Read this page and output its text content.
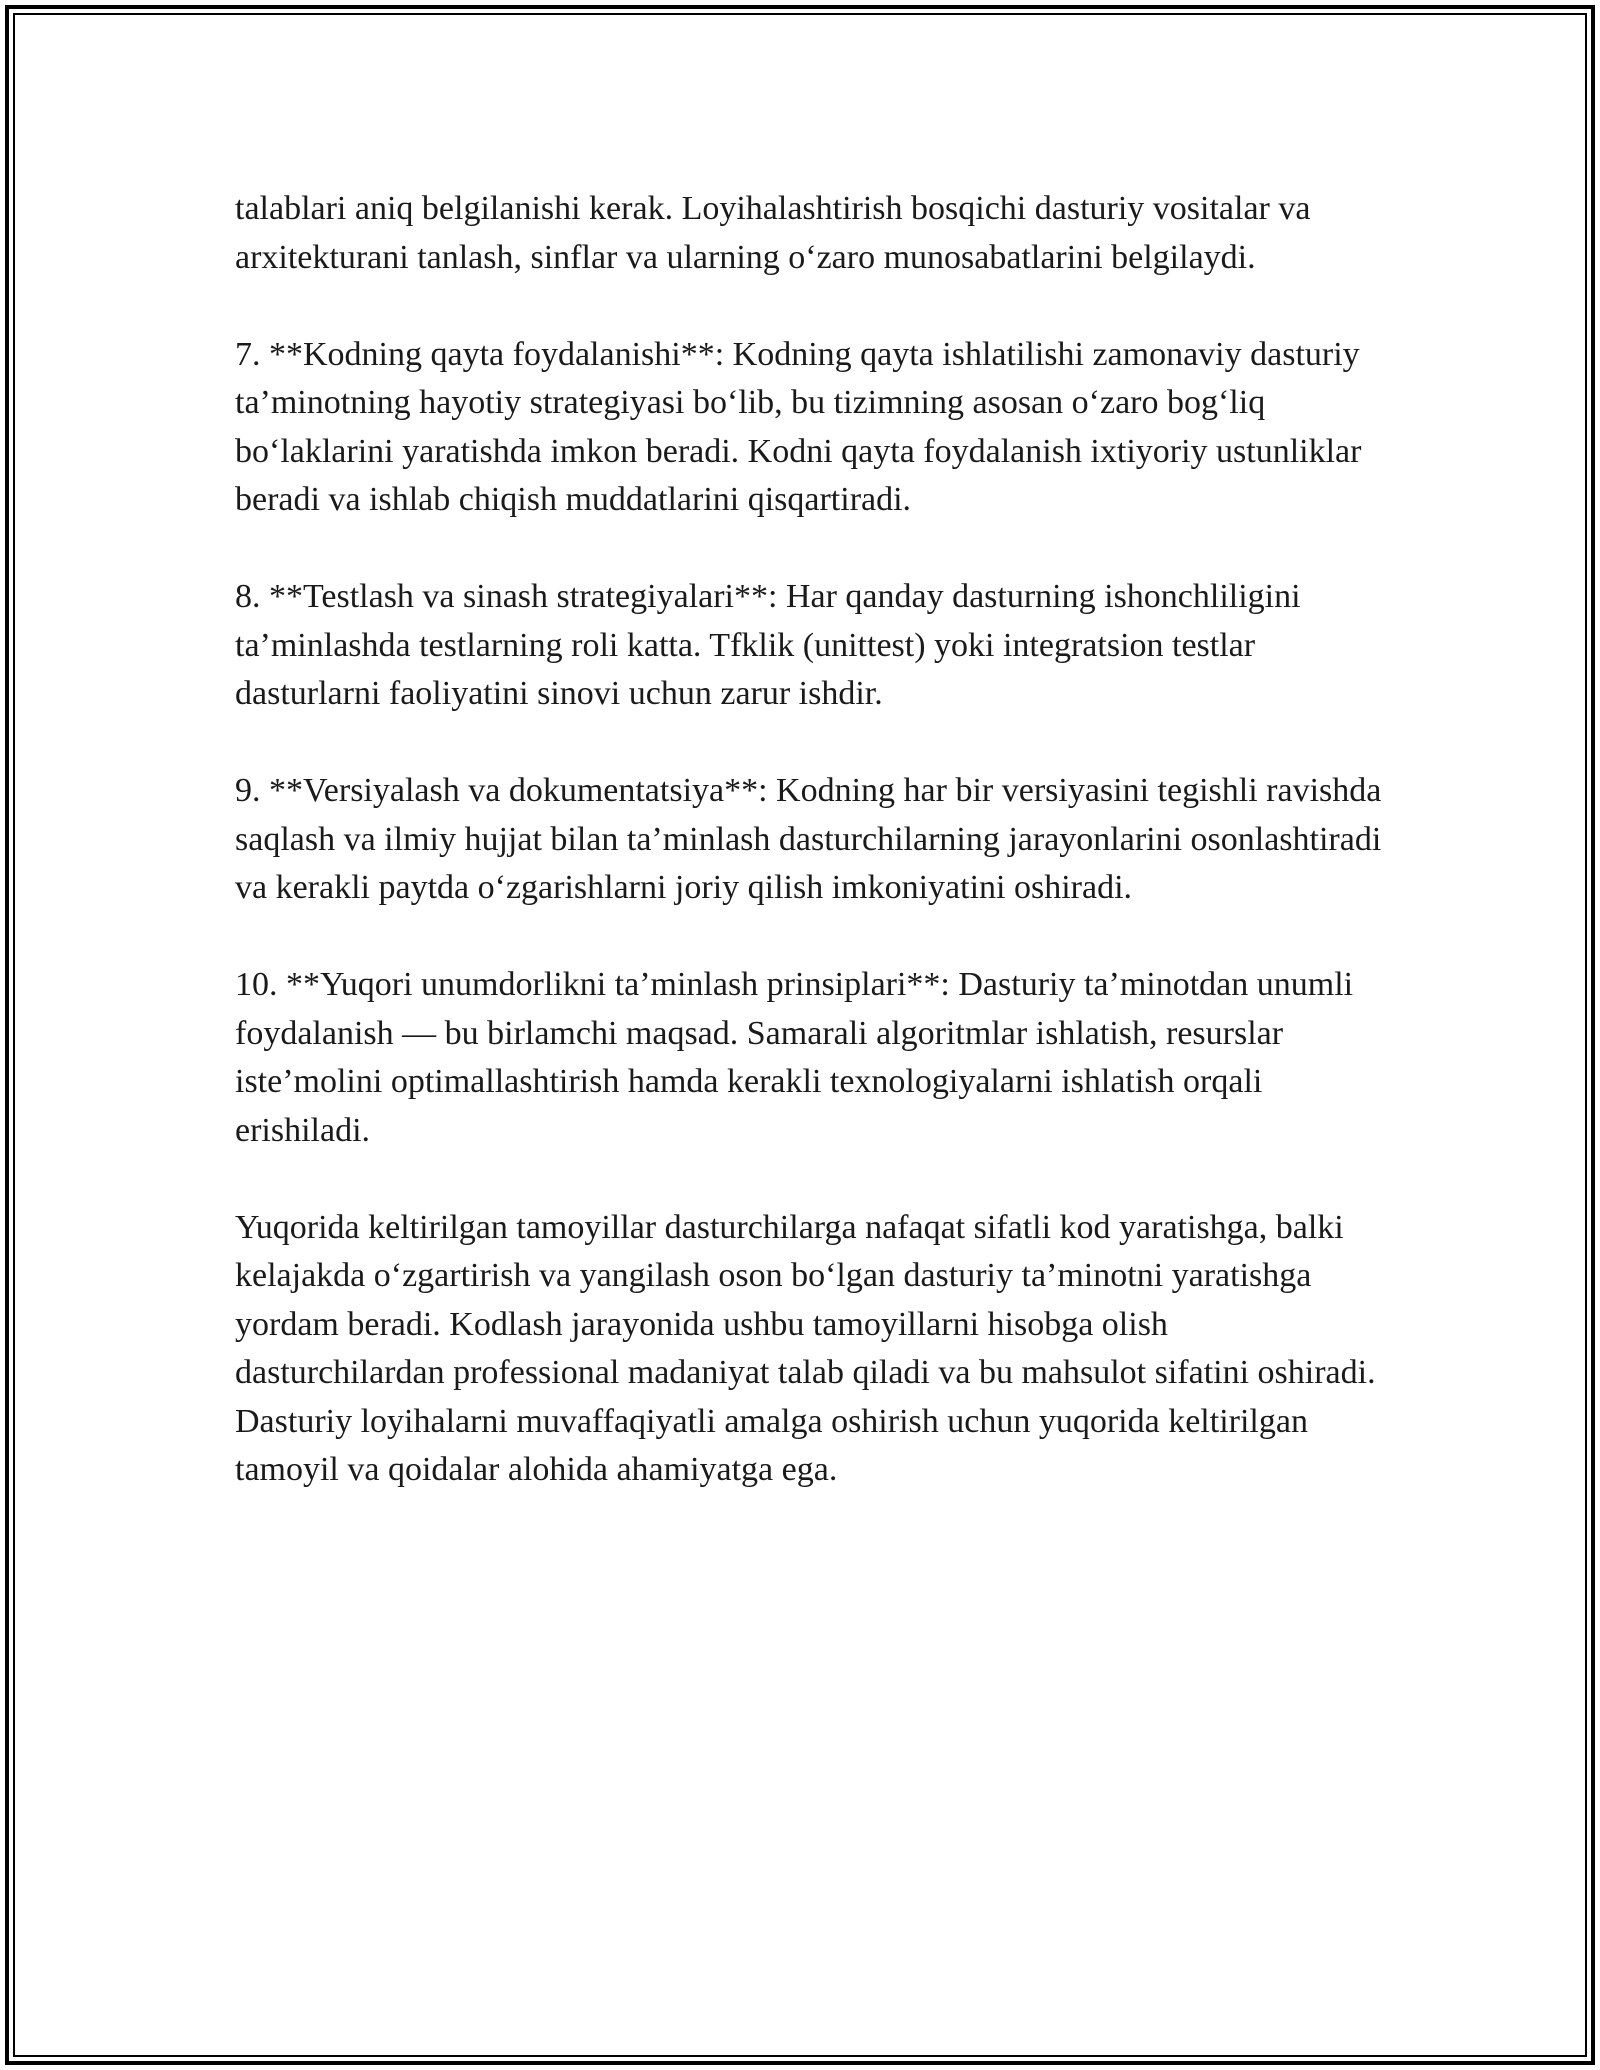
talablari aniq belgilanishi kerak. Loyihalashtirish bosqichi dasturiy vositalar va arxitekturani tanlash, sinflar va ularning o‘zaro munosabatlarini belgilaydi.

7. **Kodning qayta foydalanishi**: Kodning qayta ishlatilishi zamonaviy dasturiy ta’minotning hayotiy strategiyasi bo‘lib, bu tizimning asosan o‘zaro bog‘liq bo‘laklarini yaratishda imkon beradi. Kodni qayta foydalanish ixtiyoriy ustunliklar beradi va ishlab chiqish muddatlarini qisqartiradi.

8. **Testlash va sinash strategiyalari**: Har qanday dasturning ishonchliligini ta’minlashda testlarning roli katta. Tfklik (unittest) yoki integratsion testlar dasturlarni faoliyatini sinovi uchun zarur ishdir.

9. **Versiyalash va dokumentatsiya**: Kodning har bir versiyasini tegishli ravishda saqlash va ilmiy hujjat bilan ta’minlash dasturchilarning jarayonlarini osonlashtiradi va kerakli paytda o‘zgarishlarni joriy qilish imkoniyatini oshiradi.

10. **Yuqori unumdorlikni ta’minlash prinsiplari**: Dasturiy ta’minotdan unumli foydalanish — bu birlamchi maqsad. Samarali algoritmlar ishlatish, resurslar iste’molini optimallashtirish hamda kerakli texnologiyalarni ishlatish orqali erishiladi.

Yuqorida keltirilgan tamoyillar dasturchilarga nafaqat sifatli kod yaratishga, balki kelajakda o‘zgartirish va yangilash oson bo‘lgan dasturiy ta’minotni yaratishga yordam beradi. Kodlash jarayonida ushbu tamoyillarni hisobga olish dasturchilardan professional madaniyat talab qiladi va bu mahsulot sifatini oshiradi. Dasturiy loyihalarni muvaffaqiyatli amalga oshirish uchun yuqorida keltirilgan tamoyil va qoidalar alohida ahamiyatga ega.
